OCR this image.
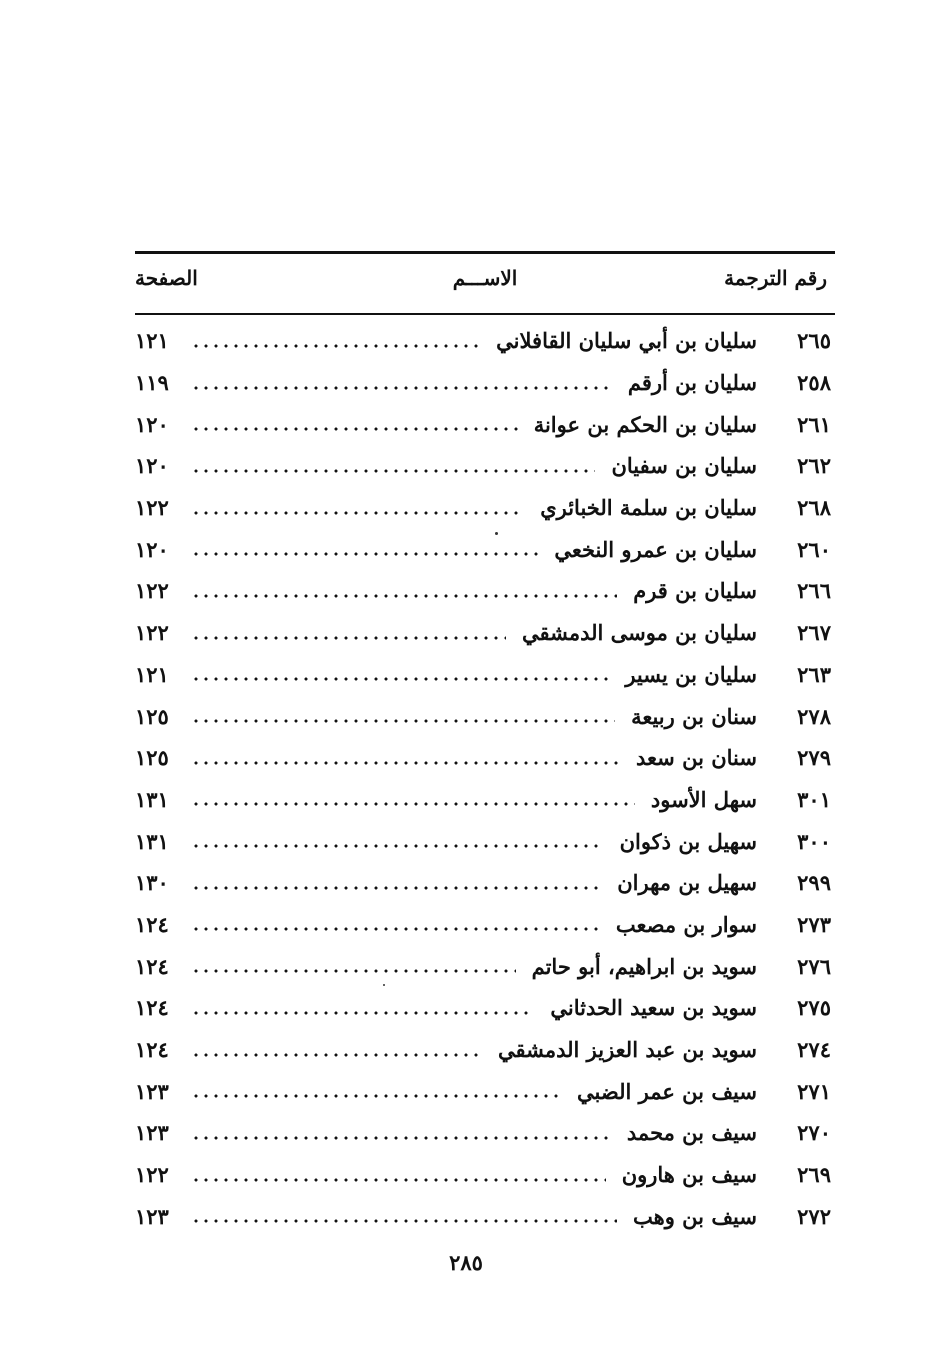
رقم الترجمة
الاســـم
الصفحة
٢٦٥
سليان بن أبي سليان القافلاني
١٢١
٢٥٨
سليان بن أرقم
١١٩
٢٦١
سليان بن الحكم بن عوانة
١٢٠
٢٦٢
سليان بن سفيان
١٢٠
٢٦٨
سليان بن سلمة الخبائري
١٢٢
٢٦٠
سليان بن عمرو النخعي
١٢٠
٢٦٦
سليان بن قرم
١٢٢
٢٦٧
سليان بن موسى الدمشقي
١٢٢
٢٦٣
سليان بن يسير
١٢١
٢٧٨
سنان بن ربيعة
١٢٥
٢٧٩
سنان بن سعد
١٢٥
٣٠١
سهل الأسود
١٣١
٣٠٠
سهيل بن ذكوان
١٣١
٢٩٩
سهيل بن مهران
١٣٠
٢٧٣
سوار بن مصعب
١٢٤
٢٧٦
سويد بن ابراهيم، أبو حاتم
١٢٤
٢٧٥
سويد بن سعيد الحدثاني
١٢٤
٢٧٤
سويد بن عبد العزيز الدمشقي
١٢٤
٢٧١
سيف بن عمر الضبي
١٢٣
٢٧٠
سيف بن محمد
١٢٣
٢٦٩
سيف بن هارون
١٢٢
٢٧٢
سيف بن وهب
١٢٣
٢٨٥
